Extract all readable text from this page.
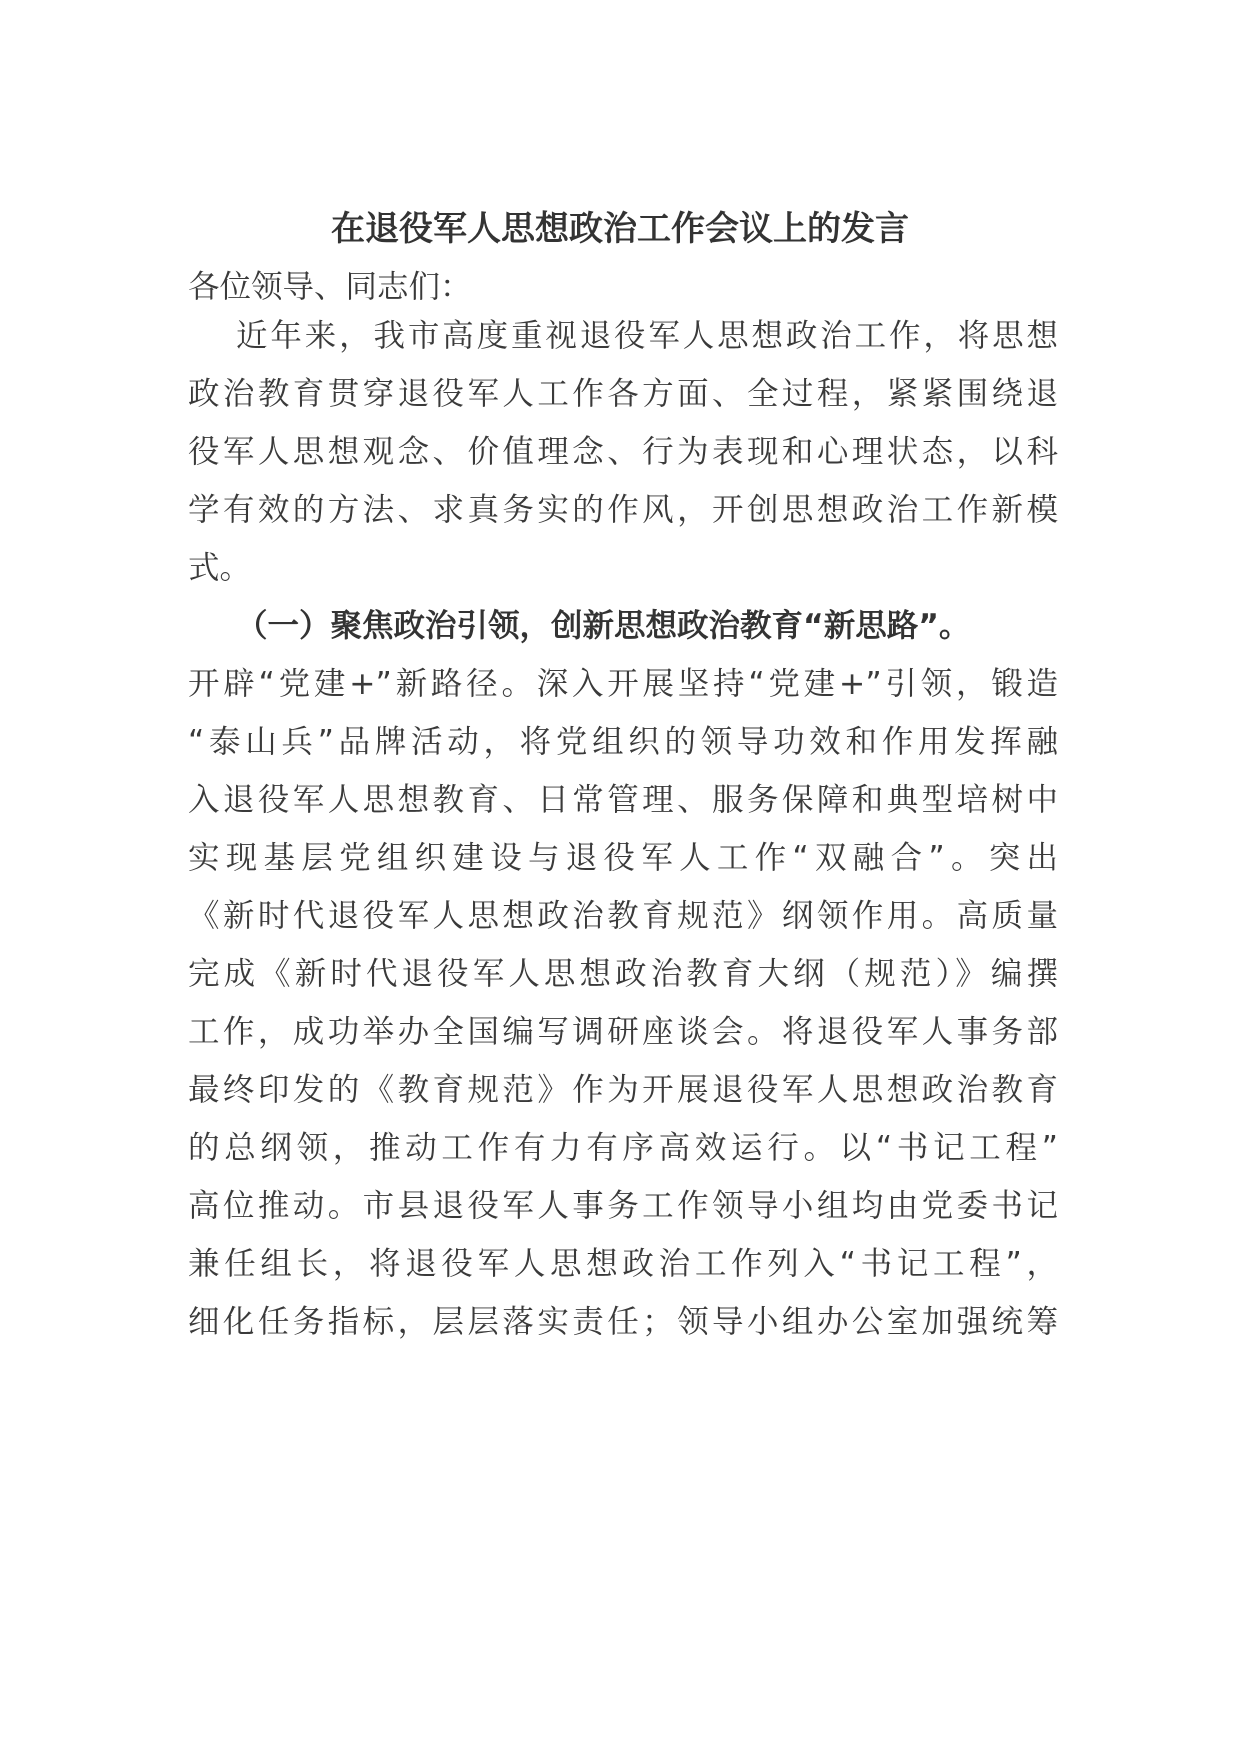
在退役军人思想政治工作会议上的发言
各位领导、同志们：
近年来，我市高度重视退役军人思想政治工作，将思想
政治教育贯穿退役军人工作各方面、全过程，紧紧围绕退
役军人思想观念、价值理念、行为表现和心理状态，以科
学有效的方法、求真务实的作风，开创思想政治工作新模
式。
（一）聚焦政治引领，创新思想政治教育“新思路”。
开辟“党建+”新路径。深入开展坚持“党建+”引领，锻造
“泰山兵”品牌活动，将党组织的领导功效和作用发挥融
入退役军人思想教育、日常管理、服务保障和典型培树中
实现基层党组织建设与退役军人工作“双融合”。突出
《新时代退役军人思想政治教育规范》纲领作用。高质量
完成《新时代退役军人思想政治教育大纲（规范）》编撰
工作，成功举办全国编写调研座谈会。将退役军人事务部
最终印发的《教育规范》作为开展退役军人思想政治教育
的总纲领，推动工作有力有序高效运行。以“书记工程”
高位推动。市县退役军人事务工作领导小组均由党委书记
兼任组长，将退役军人思想政治工作列入“书记工程”，
细化任务指标，层层落实责任；领导小组办公室加强统筹
